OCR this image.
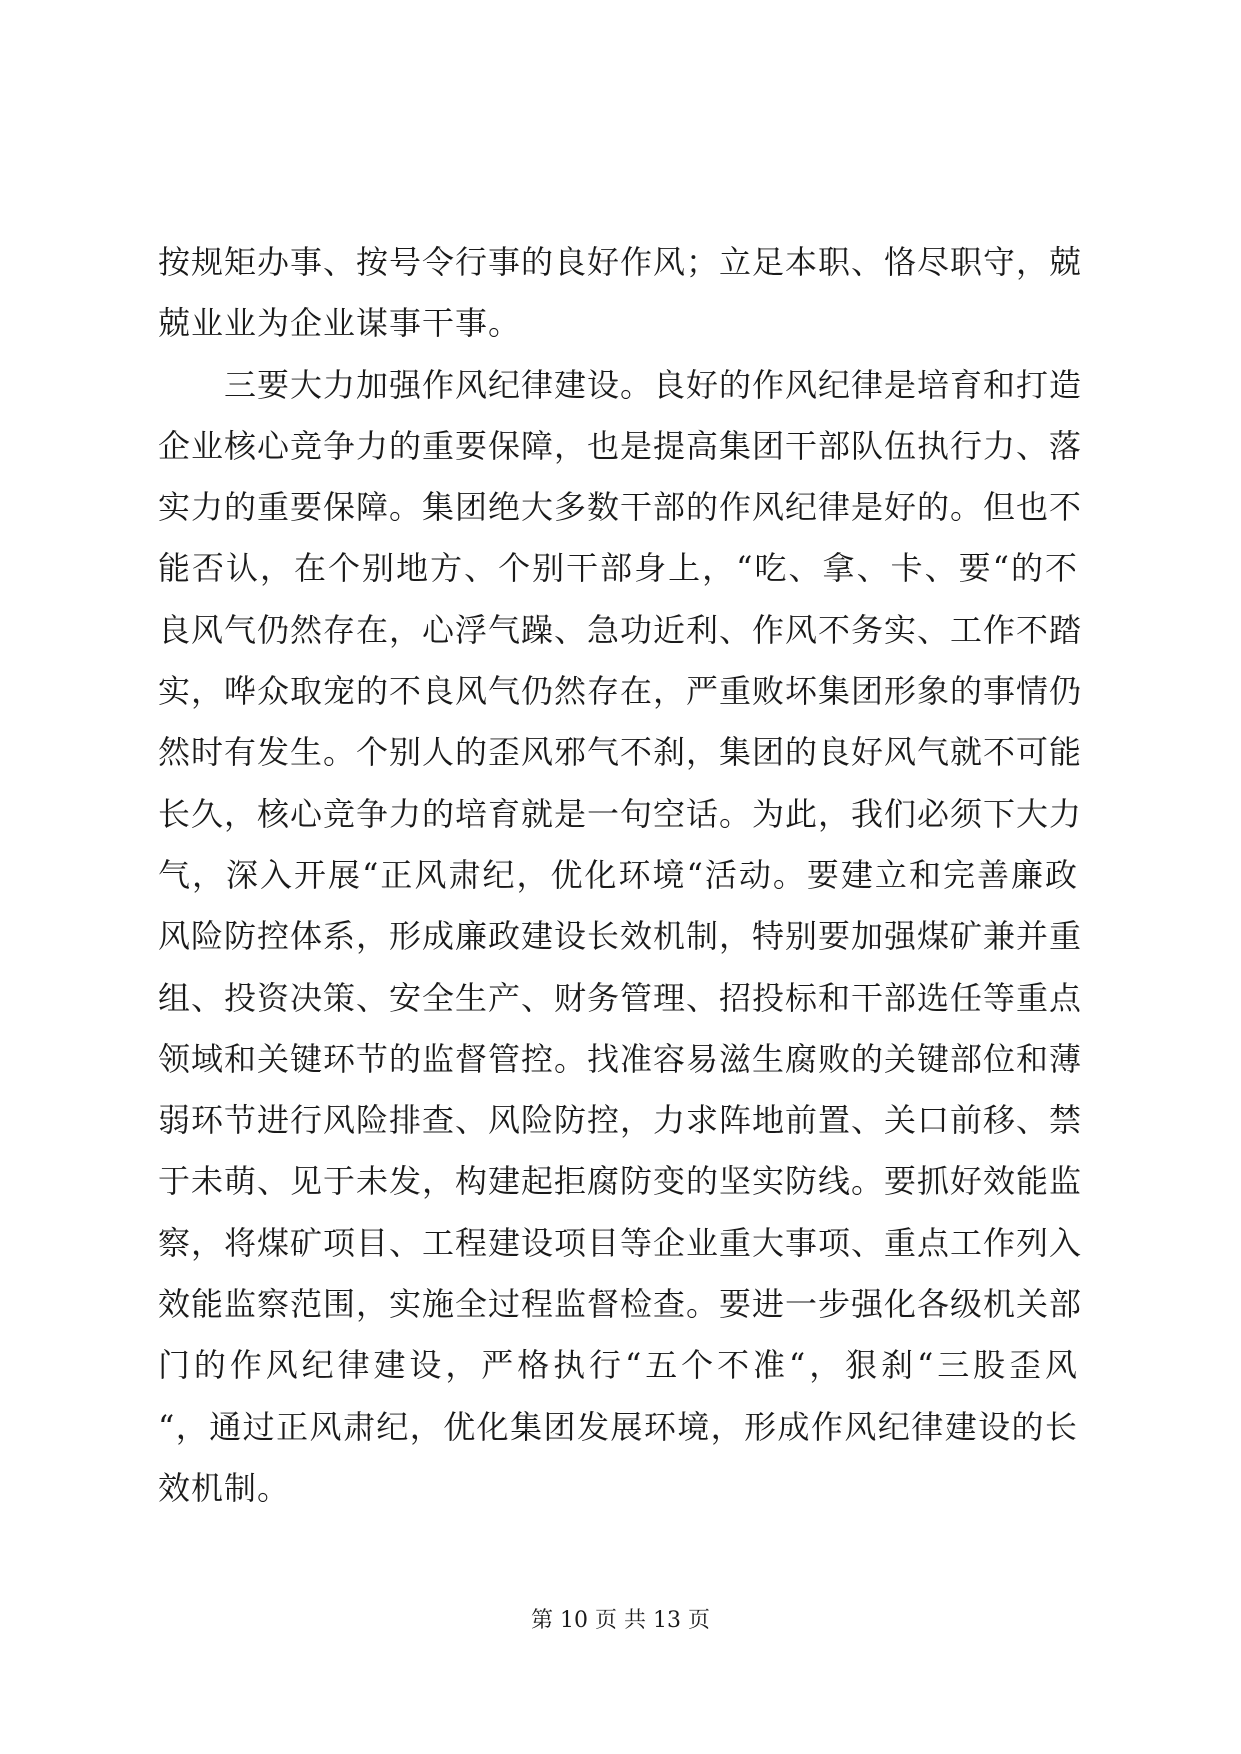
按规矩办事、按号令行事的良好作风；立足本职、恪尽职守，兢
兢业业为企业谋事干事。
　　三要大力加强作风纪律建设。良好的作风纪律是培育和打造
企业核心竞争力的重要保障，也是提高集团干部队伍执行力、落
实力的重要保障。集团绝大多数干部的作风纪律是好的。但也不
能否认，在个别地方、个别干部身上，“吃、拿、卡、要“的不
良风气仍然存在，心浮气躁、急功近利、作风不务实、工作不踏
实，哗众取宠的不良风气仍然存在，严重败坏集团形象的事情仍
然时有发生。个别人的歪风邪气不刹，集团的良好风气就不可能
长久，核心竞争力的培育就是一句空话。为此，我们必须下大力
气，深入开展“正风肃纪，优化环境“活动。要建立和完善廉政
风险防控体系，形成廉政建设长效机制，特别要加强煤矿兼并重
组、投资决策、安全生产、财务管理、招投标和干部选任等重点
领域和关键环节的监督管控。找准容易滋生腐败的关键部位和薄
弱环节进行风险排查、风险防控，力求阵地前置、关口前移、禁
于未萌、见于未发，构建起拒腐防变的坚实防线。要抓好效能监
察，将煤矿项目、工程建设项目等企业重大事项、重点工作列入
效能监察范围，实施全过程监督检查。要进一步强化各级机关部
门的作风纪律建设，严格执行“五个不准“，狠刹“三股歪风
“，通过正风肃纪，优化集团发展环境，形成作风纪律建设的长
效机制。
第 10 页 共 13 页
